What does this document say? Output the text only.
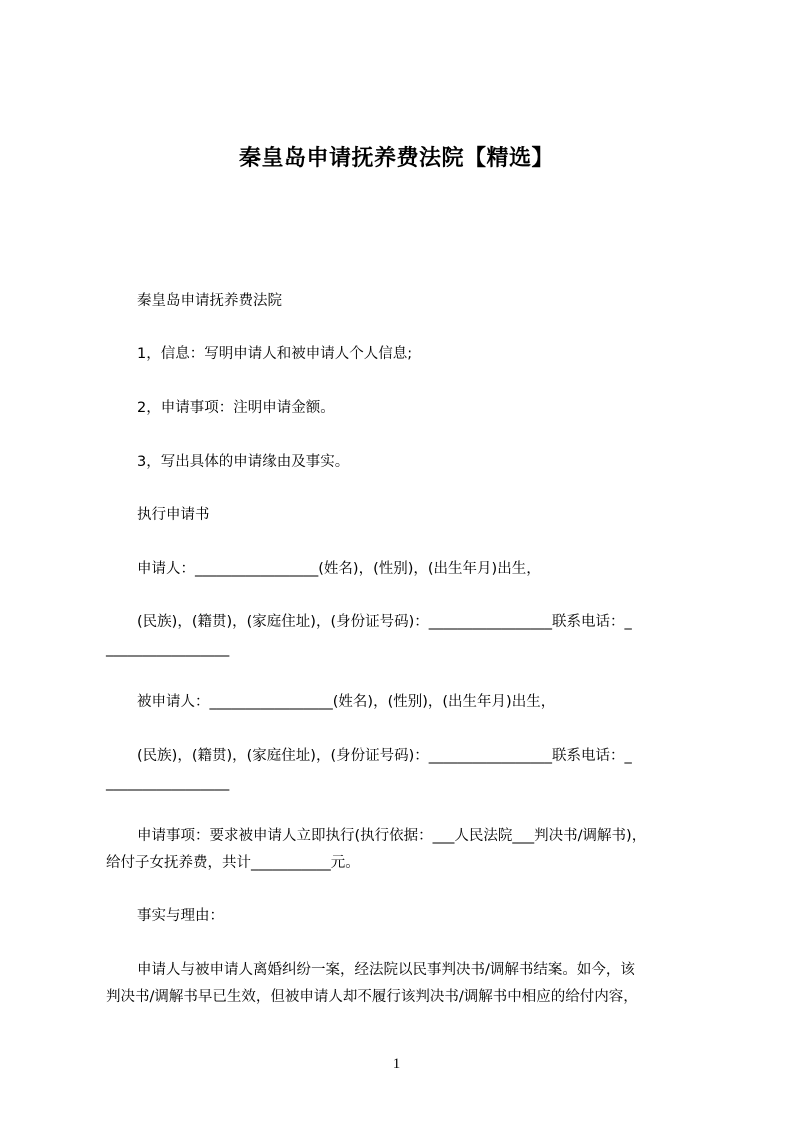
秦皇岛申请抚养费法院【精选】
秦皇岛申请抚养费法院
1，信息：写明申请人和被申请人个人信息;
2，申请事项：注明申请金额。
3，写出具体的申请缘由及事实。
执行申请书
申请人：_________________(姓名)，(性别)，(出生年月)出生，
(民族)，(籍贯)，(家庭住址)，(身份证号码)：_________________联系电话：_
_________________
被申请人：_________________(姓名)，(性别)，(出生年月)出生，
(民族)，(籍贯)，(家庭住址)，(身份证号码)：_________________联系电话：_
_________________
申请事项：要求被申请人立即执行(执行依据：___人民法院___判决书/调解书)，
给付子女抚养费，共计___________元。
事实与理由：
申请人与被申请人离婚纠纷一案，经法院以民事判决书/调解书结案。如今，该
判决书/调解书早已生效，但被申请人却不履行该判决书/调解书中相应的给付内容，
1
